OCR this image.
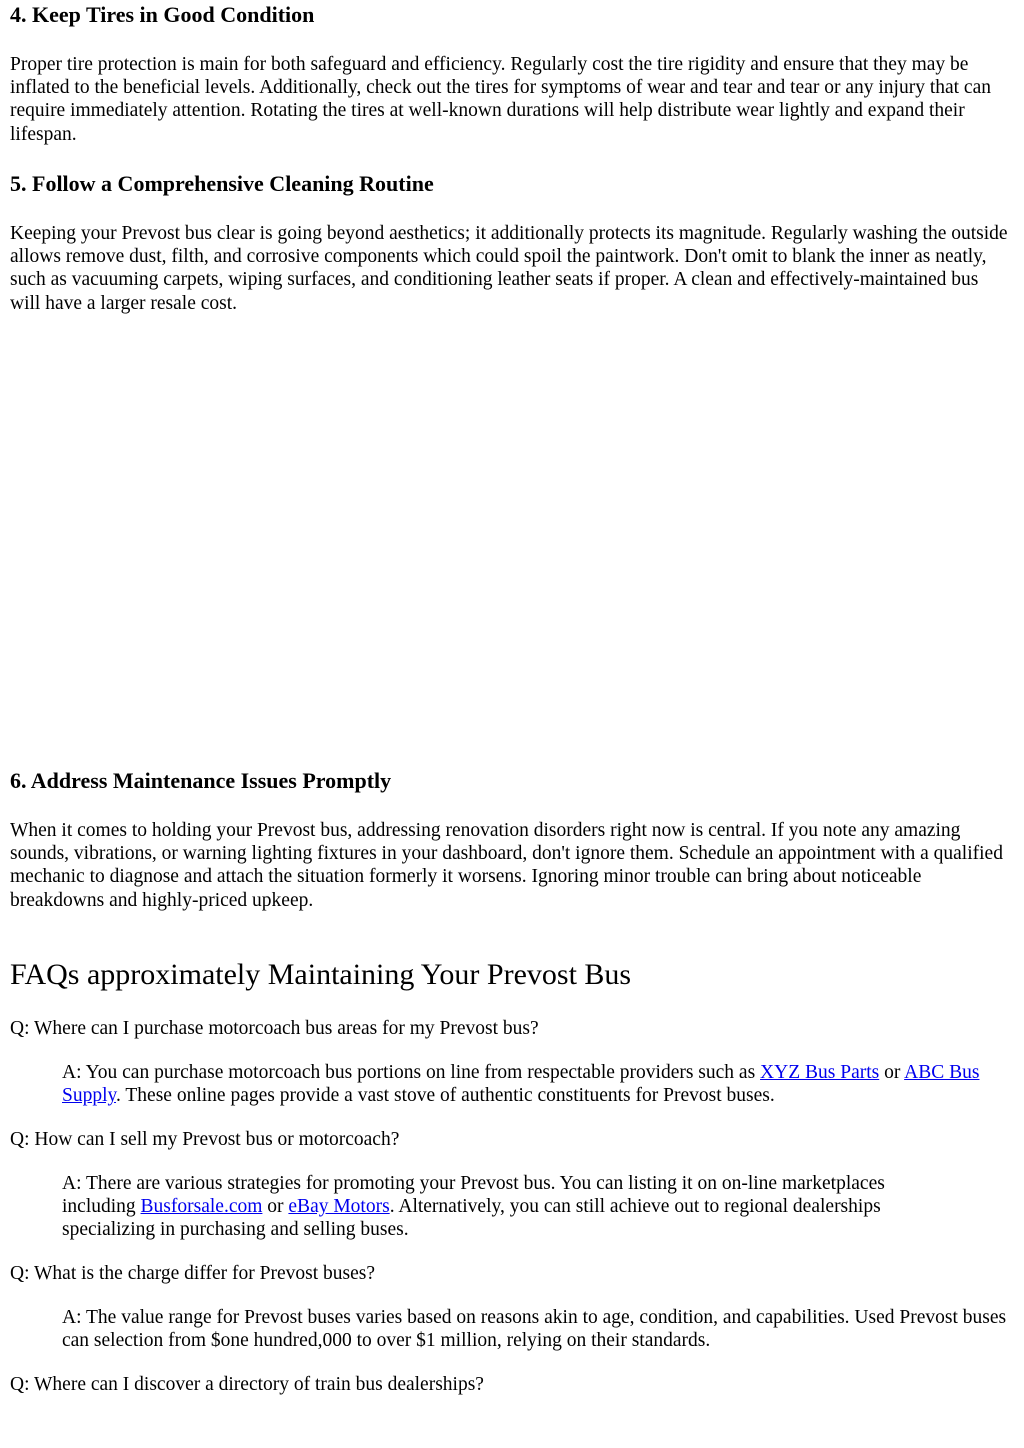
4. Keep Tires in Good Condition

Proper tire protection is main for both safeguard and efficiency. Regularly cost the tire rigidity and ensure that they may be inflated to the beneficial levels. Additionally, check out the tires for symptoms of wear and tear and tear or any injury that can require immediately attention. Rotating the tires at well-known durations will help distribute wear lightly and expand their lifespan.

5. Follow a Comprehensive Cleaning Routine

Keeping your Prevost bus clear is going beyond aesthetics; it additionally protects its magnitude. Regularly washing the outside allows remove dust, filth, and corrosive components which could spoil the paintwork. Don't omit to blank the inner as neatly, such as vacuuming carpets, wiping surfaces, and conditioning leather seats if proper. A clean and effectively-maintained bus will have a larger resale cost.

6. Address Maintenance Issues Promptly

When it comes to holding your Prevost bus, addressing renovation disorders right now is central. If you note any amazing sounds, vibrations, or warning lighting fixtures in your dashboard, don't ignore them. Schedule an appointment with a qualified mechanic to diagnose and attach the situation formerly it worsens. Ignoring minor trouble can bring about noticeable breakdowns and highly-priced upkeep.

FAQs approximately Maintaining Your Prevost Bus

Q: Where can I purchase motorcoach bus areas for my Prevost bus?

A: You can purchase motorcoach bus portions on line from respectable providers such as XYZ Bus Parts or ABC Bus Supply. These online pages provide a vast stove of authentic constituents for Prevost buses.

Q: How can I sell my Prevost bus or motorcoach?

A: There are various strategies for promoting your Prevost bus. You can listing it on on-line marketplaces including Busforsale.com or eBay Motors. Alternatively, you can still achieve out to regional dealerships specializing in purchasing and selling buses.

Q: What is the charge differ for Prevost buses?

A: The value range for Prevost buses varies based on reasons akin to age, condition, and capabilities. Used Prevost buses can selection from $one hundred,000 to over $1 million, relying on their standards.

Q: Where can I discover a directory of train bus dealerships?
